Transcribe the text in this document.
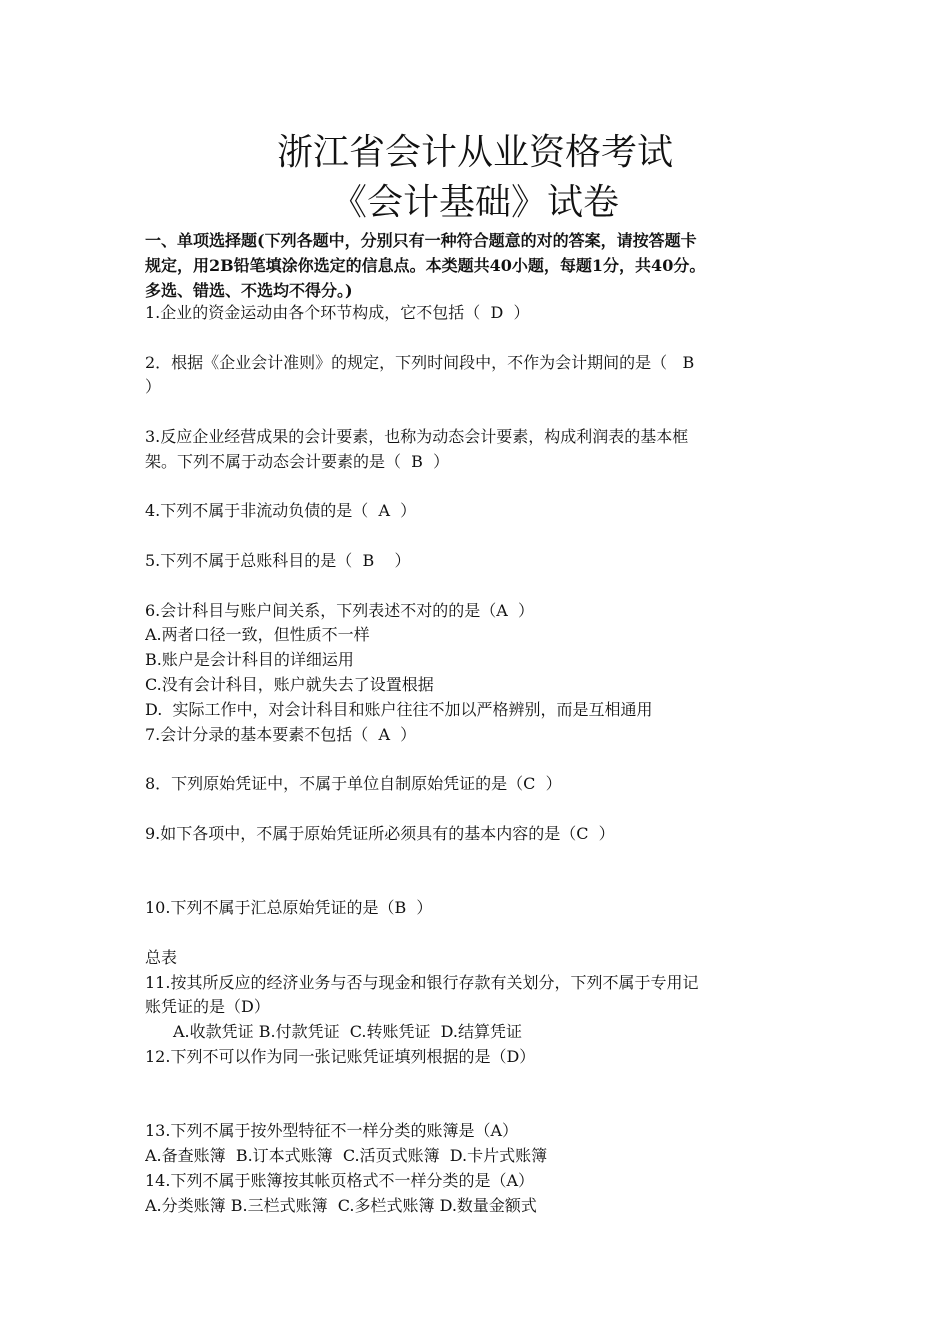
浙江省会计从业资格考试
《会计基础》试卷
一、单项选择题(下列各题中，分别只有一种符合题意的对的答案，请按答题卡
规定，用2B铅笔填涂你选定的信息点。本类题共40小题，每题1分，共40分。
多选、错选、不选均不得分。)
1.企业的资金运动由各个环节构成，它不包括（  D  ）

2．根据《企业会计准则》的规定，下列时间段中，不作为会计期间的是（   B
）

3.反应企业经营成果的会计要素，也称为动态会计要素，构成利润表的基本框
架。下列不属于动态会计要素的是（  B  ）

4.下列不属于非流动负债的是（  A  ）

5.下列不属于总账科目的是（  B    ）

6.会计科目与账户间关系，下列表述不对的的是（A  ）
A.两者口径一致，但性质不一样
B.账户是会计科目的详细运用
C.没有会计科目，账户就失去了设置根据
D.  实际工作中，对会计科目和账户往往不加以严格辨别，而是互相通用
7.会计分录的基本要素不包括（  A  ）

8．下列原始凭证中，不属于单位自制原始凭证的是（C  ）

9.如下各项中，不属于原始凭证所必须具有的基本内容的是（C  ）

10.下列不属于汇总原始凭证的是（B  ）

总表
11.按其所反应的经济业务与否与现金和银行存款有关划分，下列不属于专用记
账凭证的是（D）
A.收款凭证 B.付款凭证  C.转账凭证  D.结算凭证
12.下列不可以作为同一张记账凭证填列根据的是（D）

13.下列不属于按外型特征不一样分类的账簿是（A）
A.备查账簿  B.订本式账簿  C.活页式账簿  D.卡片式账簿
14.下列不属于账簿按其帐页格式不一样分类的是（A）
A.分类账簿 B.三栏式账簿  C.多栏式账簿 D.数量金额式
